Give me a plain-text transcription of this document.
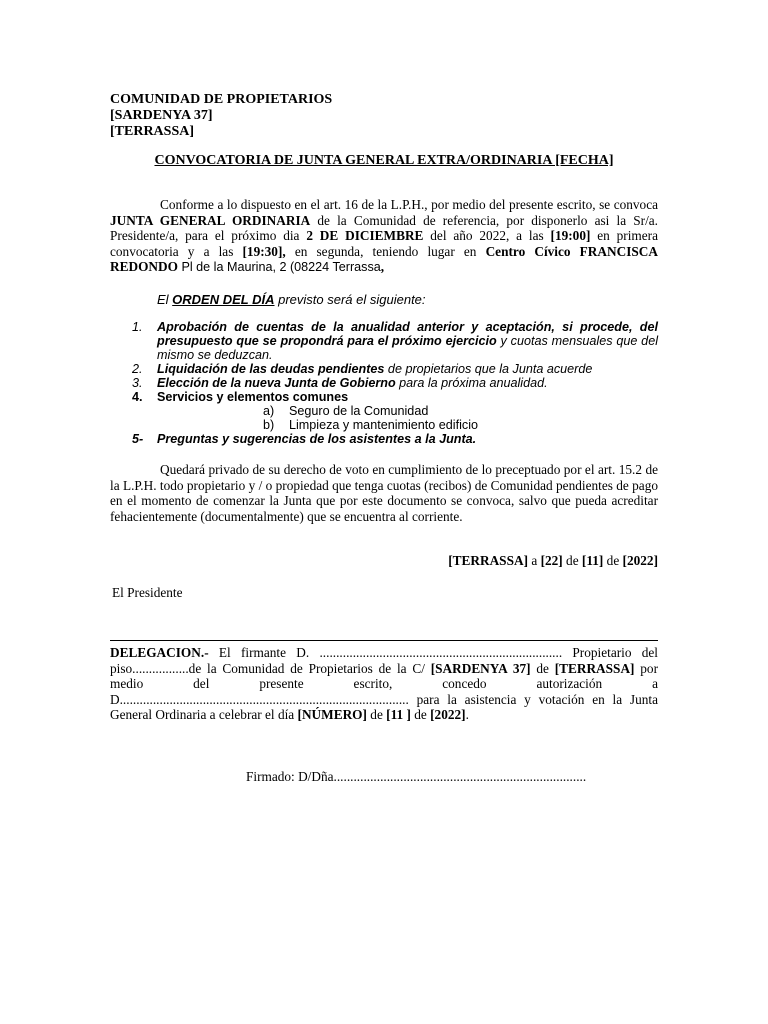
COMUNIDAD DE PROPIETARIOS
[SARDENYA 37]
[TERRASSA]
CONVOCATORIA DE JUNTA GENERAL EXTRA/ORDINARIA [FECHA]
Conforme a lo dispuesto en el art. 16 de la L.P.H., por medio del presente escrito, se convoca JUNTA GENERAL ORDINARIA de la Comunidad de referencia, por disponerlo asi la Sr/a. Presidente/a, para el próximo dia 2 DE DICIEMBRE del año 2022, a las [19:00] en primera convocatoria y a las [19:30], en segunda, teniendo lugar en Centro Cívico FRANCISCA REDONDO Pl de la Maurina, 2 (08224 Terrassa,
El ORDEN DEL DÍA previsto será el siguiente:
1.	Aprobación de cuentas de la anualidad anterior y aceptación, si procede, del presupuesto que se propondrá para el próximo ejercicio y cuotas mensuales que del mismo se deduzcan.
2.	Liquidación de las deudas pendientes de propietarios que la Junta acuerde
3.	Elección de la nueva Junta de Gobierno para la próxima anualidad.
4.	Servicios y elementos comunes
a)	Seguro de la Comunidad
b)	Limpieza y mantenimiento edificio
5-	Preguntas y sugerencias de los asistentes a la Junta.
Quedará privado de su derecho de voto en cumplimiento de lo preceptuado por el art. 15.2 de la L.P.H. todo propietario y / o propiedad que tenga cuotas (recibos) de Comunidad pendientes de pago en el momento de comenzar la Junta que por este documento se convoca, salvo que pueda acreditar fehacientemente (documentalmente) que se encuentra al corriente.
[TERRASSA] a [22] de [11] de [2022]
El Presidente
DELEGACION.- El firmante D. ......................................................................... Propietario del piso.................de la Comunidad de Propietarios de la C/ [SARDENYA 37] de [TERRASSA] por medio del presente escrito, concedo autorización a D....................................................................................... para la asistencia y votación en la Junta General Ordinaria a celebrar el día [NÚMERO] de [11 ] de [2022].
Firmado: D/Dña............................................................................
